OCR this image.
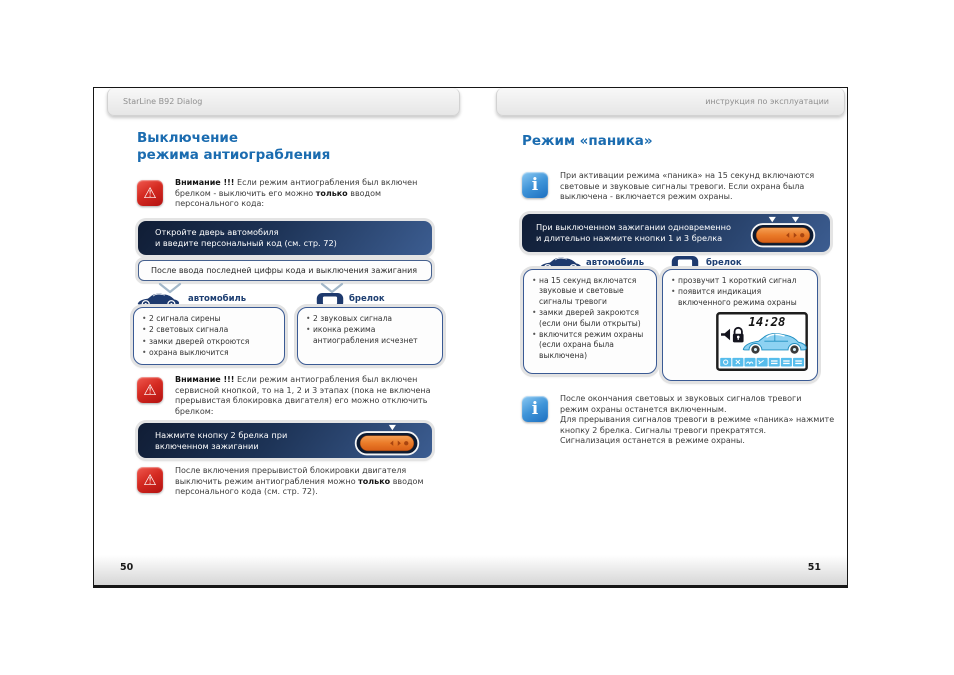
StarLine B92 Dialog	инструкция по эксплуатации
Выключение
режима антиограбления
⚠
Внимание !!! Если режим антиограбления был включен брелком - выключить его можно только вводом персонального кода:
Откройте дверь автомобиля
и введите персональный код (см. стр. 72)
После ввода последней цифры кода и выключения зажигания
автомобиль	брелок
• 2 сигнала сирены
• 2 световых сигнала
• замки дверей откроются
• охрана выключится
• 2 звуковых сигнала
• иконка режима антиограбления исчезнет
⚠
Внимание !!! Если режим антиограбления был включен сервисной кнопкой, то на 1, 2 и 3 этапах (пока не включена прерывистая блокировка двигателя) его можно отключить брелком:
Нажмите кнопку 2 брелка при
включенном зажигании
⚠ После включения прерывистой блокировки двигателя выключить режим антиограбления можно только вводом персонального кода (см. стр. 72).
Режим «паника»
i	При активации режима «паника» на 15 секунд включаются световые и звуковые сигналы тревоги. Если охрана была выключена - включается режим охраны.
При выключенном зажигании одновременно
и длительно нажмите кнопки 1 и 3 брелка
автомобиль	брелок
• на 15 секунд включатся звуковые и световые сигналы тревоги
• замки дверей закроются (если они были открыты)
• включится режим охраны (если охрана была выключена)
• прозвучит 1 короткий сигнал
• появится индикация включенного режима охраны
14:28
i	После окончания световых и звуковых сигналов тревоги
режим охраны останется включенным.
Для прерывания сигналов тревоги в режиме «паника» нажмите
кнопку 2 брелка. Сигналы тревоги прекратятся.
Сигнализация останется в режиме охраны.
50	51
